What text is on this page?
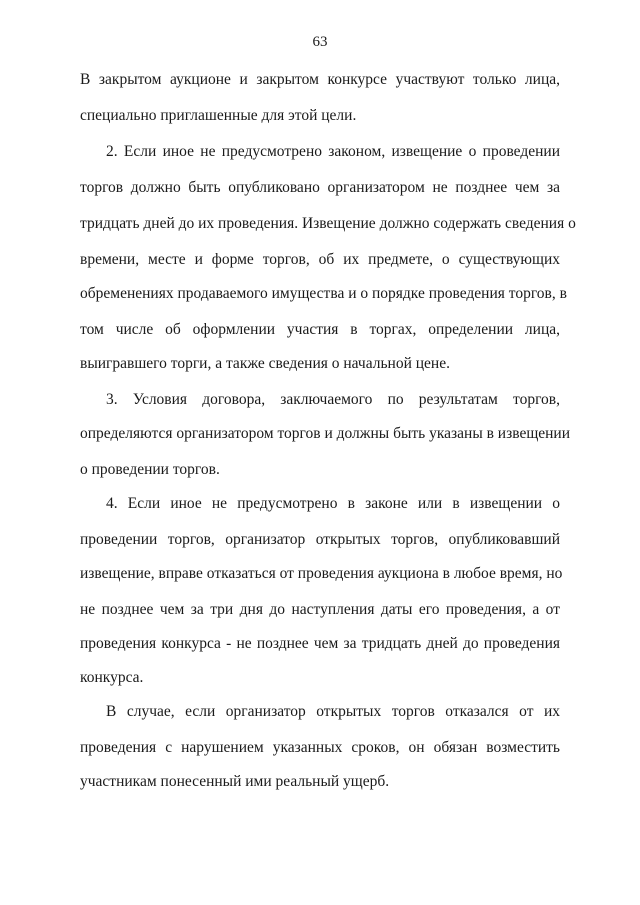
63
В закрытом аукционе и закрытом конкурсе участвуют только лица,
специально приглашенные для этой цели.
2. Если иное не предусмотрено законом, извещение о проведении
торгов должно быть опубликовано организатором не позднее чем за
тридцать дней до их проведения. Извещение должно содержать сведения о
времени, месте и форме торгов, об их предмете, о существующих
обременениях продаваемого имущества и о порядке проведения торгов, в
том числе об оформлении участия в торгах, определении лица,
выигравшего торги, а также сведения о начальной цене.
3. Условия договора, заключаемого по результатам торгов,
определяются организатором торгов и должны быть указаны в извещении
о проведении торгов.
4. Если иное не предусмотрено в законе или в извещении о
проведении торгов, организатор открытых торгов, опубликовавший
извещение, вправе отказаться от проведения аукциона в любое время, но
не позднее чем за три дня до наступления даты его проведения, а от
проведения конкурса - не позднее чем за тридцать дней до проведения
конкурса.
В случае, если организатор открытых торгов отказался от их
проведения с нарушением указанных сроков, он обязан возместить
участникам понесенный ими реальный ущерб.
